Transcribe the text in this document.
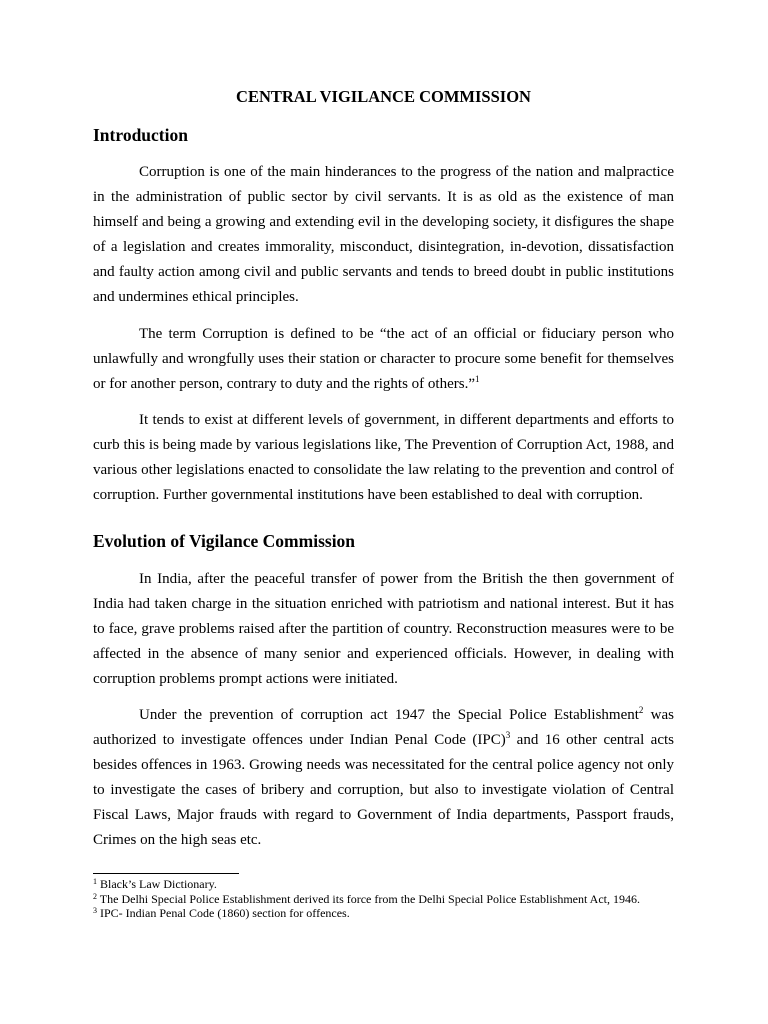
CENTRAL VIGILANCE COMMISSION
Introduction

Corruption is one of the main hinderances to the progress of the nation and malpractice in the administration of public sector by civil servants. It is as old as the existence of man himself and being a growing and extending evil in the developing society, it disfigures the shape of a legislation and creates immorality, misconduct, disintegration, in-devotion, dissatisfaction and faulty action among civil and public servants and tends to breed doubt in public institutions and undermines ethical principles.

The term Corruption is defined to be “the act of an official or fiduciary person who unlawfully and wrongfully uses their station or character to procure some benefit for themselves or for another person, contrary to duty and the rights of others.”$^1$

It tends to exist at different levels of government, in different departments and efforts to curb this is being made by various legislations like, The Prevention of Corruption Act, 1988, and various other legislations enacted to consolidate the law relating to the prevention and control of corruption. Further governmental institutions have been established to deal with corruption.

Evolution of Vigilance Commission

In India, after the peaceful transfer of power from the British the then government of India had taken charge in the situation enriched with patriotism and national interest. But it has to face, grave problems raised after the partition of country. Reconstruction measures were to be affected in the absence of many senior and experienced officials. However, in dealing with corruption problems prompt actions were initiated.

Under the prevention of corruption act 1947 the Special Police Establishment$^2$ was authorized to investigate offences under Indian Penal Code (IPC)$^3$ and 16 other central acts besides offences in 1963. Growing needs was necessitated for the central police agency not only to investigate the cases of bribery and corruption, but also to investigate violation of Central Fiscal Laws, Major frauds with regard to Government of India departments, Passport frauds, Crimes on the high seas etc.

$^1$ Black’s Law Dictionary.
$^2$ The Delhi Special Police Establishment derived its force from the Delhi Special Police Establishment Act, 1946.
$^3$ IPC- Indian Penal Code (1860) section for offences.
